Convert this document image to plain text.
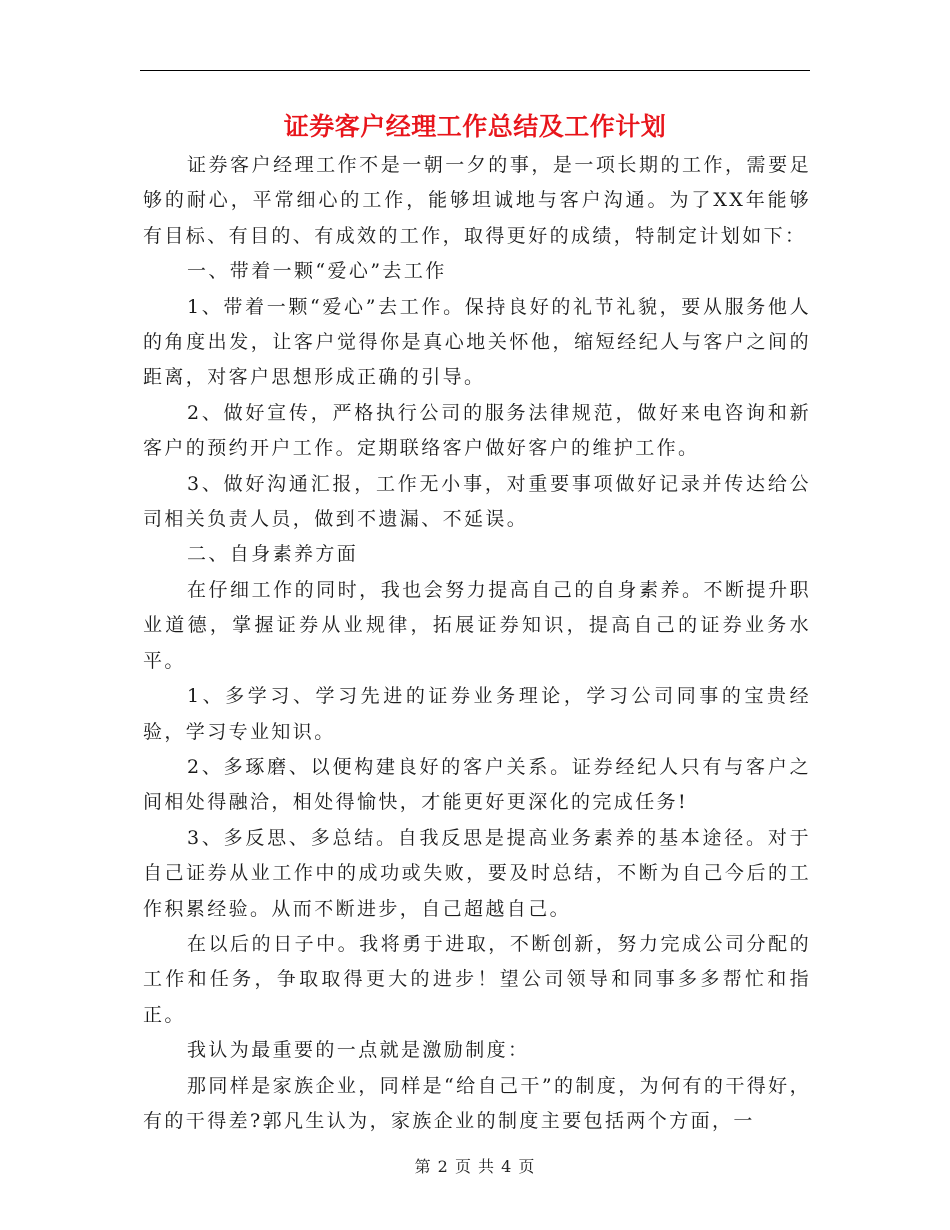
证券客户经理工作总结及工作计划

证券客户经理工作不是一朝一夕的事，是一项长期的工作，需要足够的耐心，平常细心的工作，能够坦诚地与客户沟通。为了XX年能够有目标、有目的、有成效的工作，取得更好的成绩，特制定计划如下：

一、带着一颗“爱心”去工作

1、带着一颗“爱心”去工作。保持良好的礼节礼貌，要从服务他人的角度出发，让客户觉得你是真心地关怀他，缩短经纪人与客户之间的距离，对客户思想形成正确的引导。

2、做好宣传，严格执行公司的服务法律规范，做好来电咨询和新客户的预约开户工作。定期联络客户做好客户的维护工作。

3、做好沟通汇报，工作无小事，对重要事项做好记录并传达给公司相关负责人员，做到不遗漏、不延误。

二、自身素养方面

在仔细工作的同时，我也会努力提高自己的自身素养。不断提升职业道德，掌握证券从业规律，拓展证券知识，提高自己的证券业务水平。

1、多学习、学习先进的证券业务理论，学习公司同事的宝贵经验，学习专业知识。

2、多琢磨、以便构建良好的客户关系。证券经纪人只有与客户之间相处得融洽，相处得愉快，才能更好更深化的完成任务!

3、多反思、多总结。自我反思是提高业务素养的基本途径。对于自己证券从业工作中的成功或失败，要及时总结，不断为自己今后的工作积累经验。从而不断进步，自己超越自己。

在以后的日子中。我将勇于进取，不断创新，努力完成公司分配的工作和任务，争取取得更大的进步！望公司领导和同事多多帮忙和指正。

我认为最重要的一点就是激励制度：

那同样是家族企业，同样是“给自己干”的制度，为何有的干得好，有的干得差?郭凡生认为，家族企业的制度主要包括两个方面，一

第 2 页 共 4 页
